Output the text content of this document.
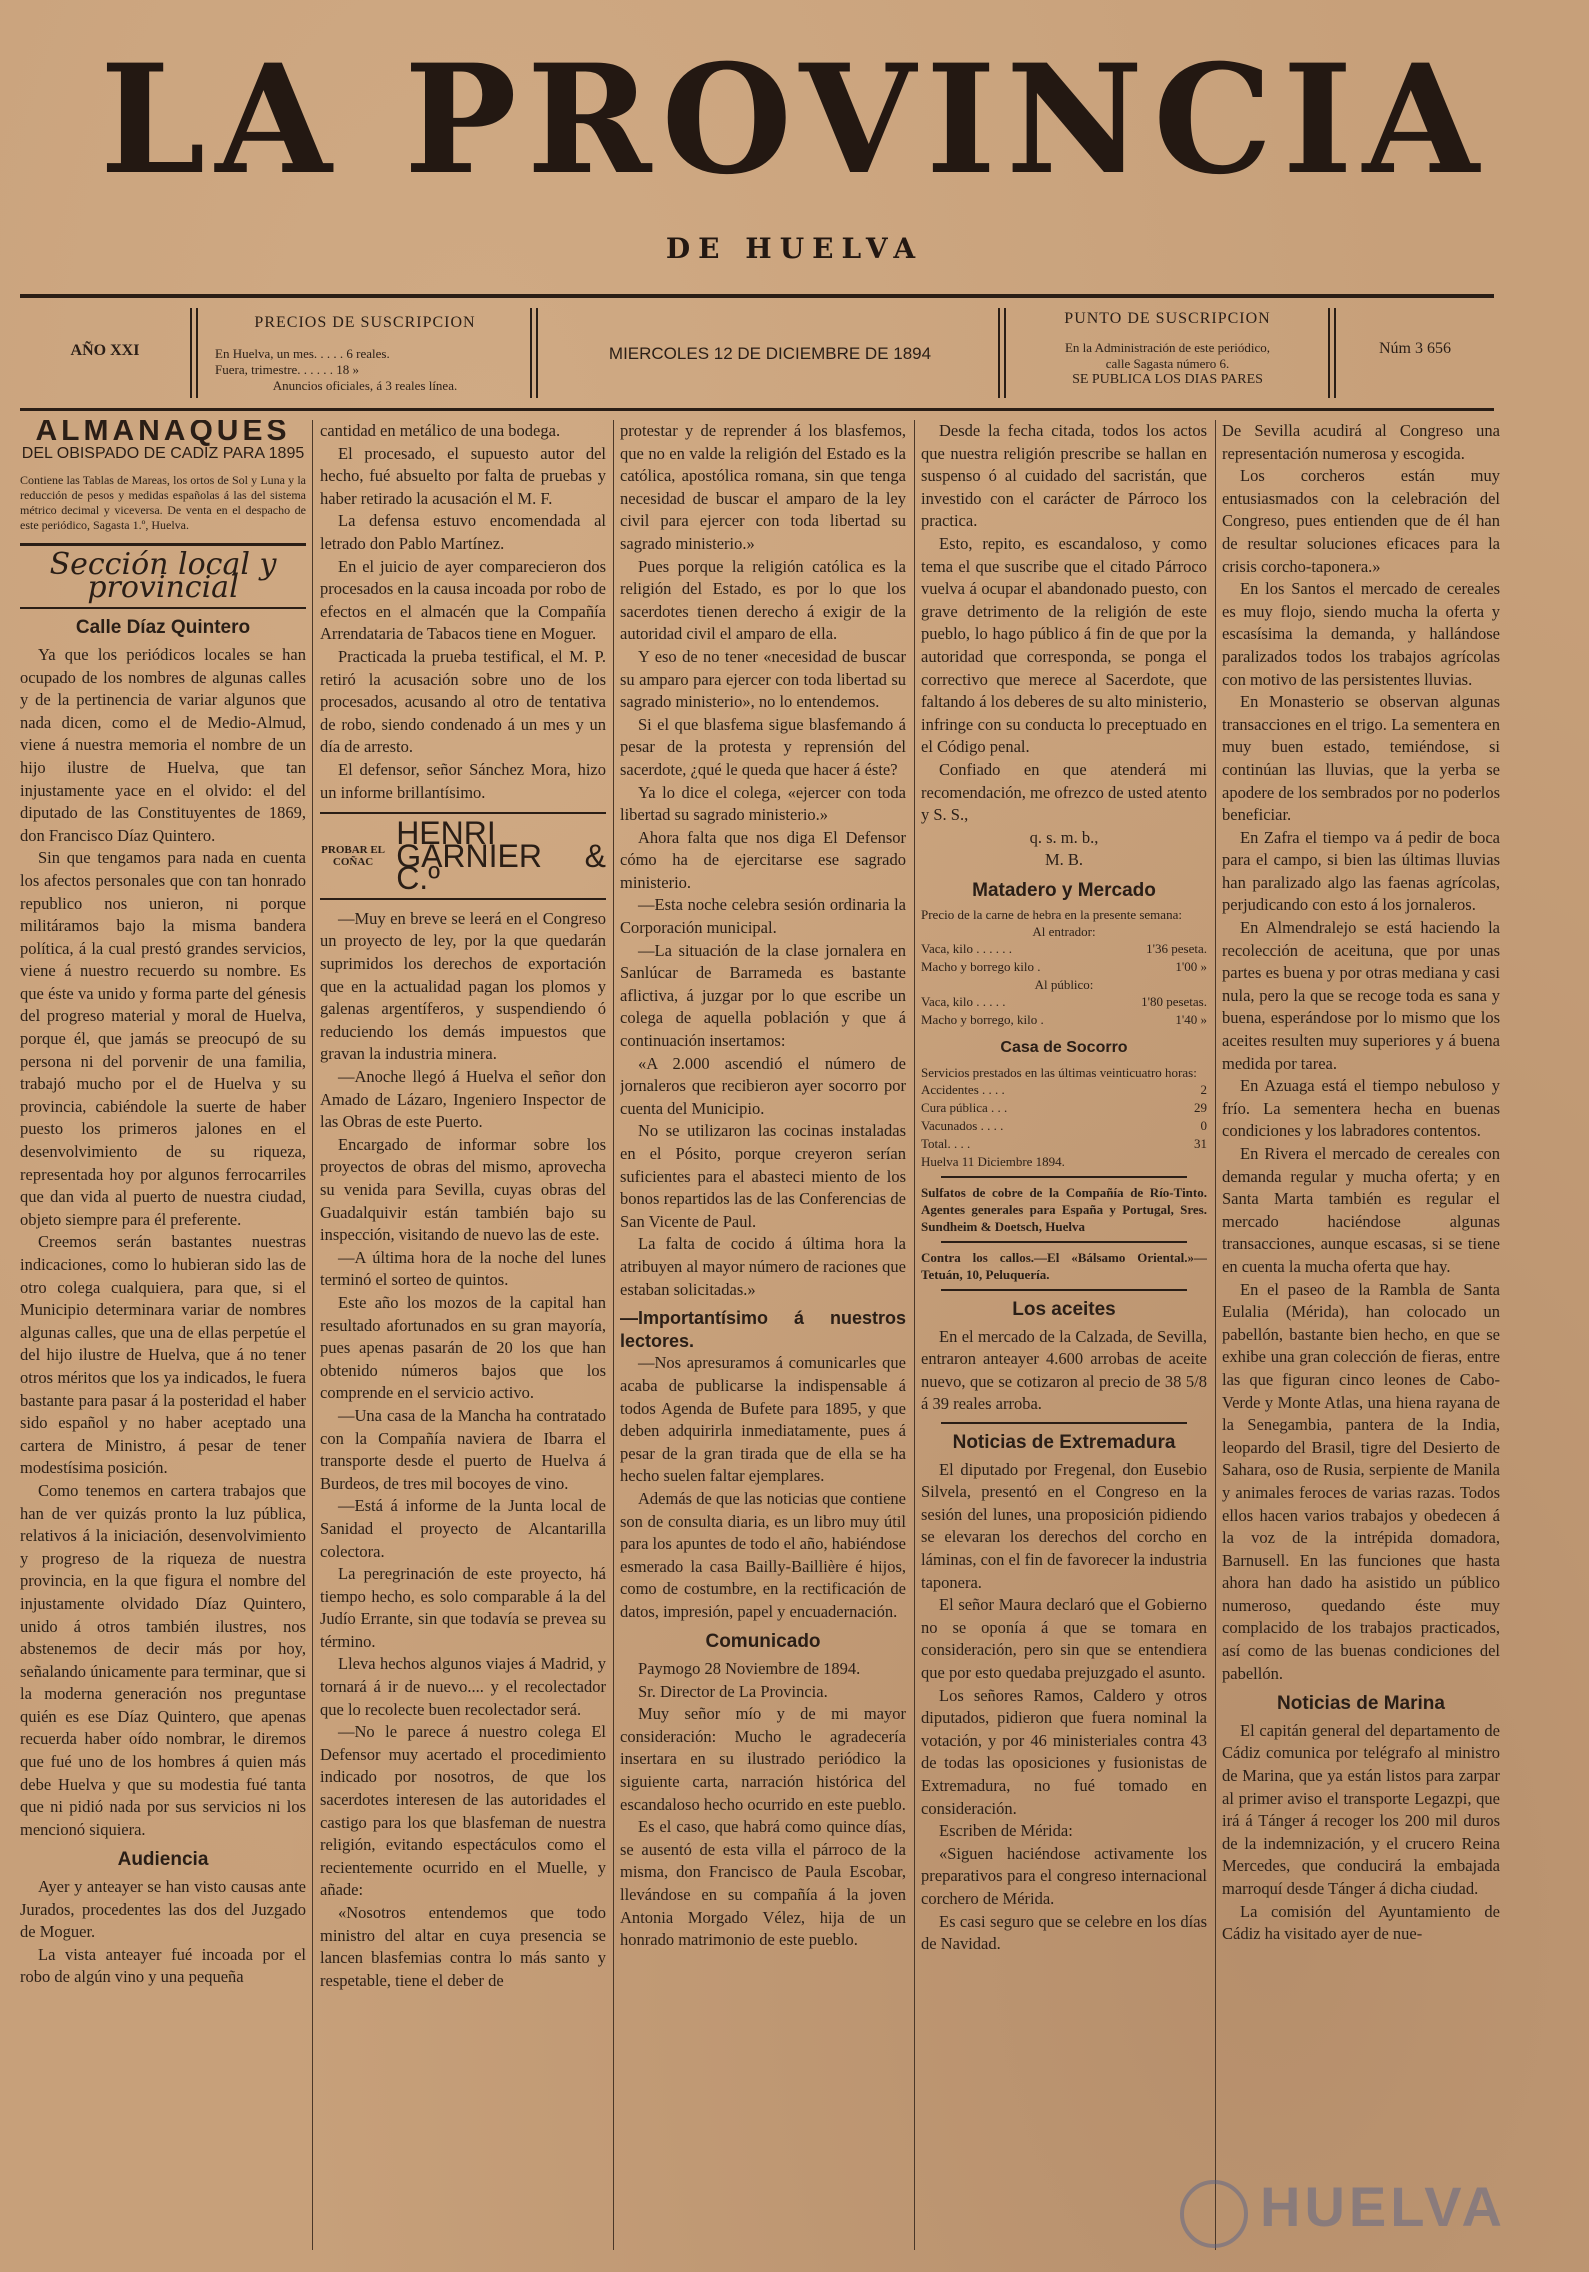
LA PROVINCIA
DE HUELVA
AÑO XXI
PRECIOS DE SUSCRIPCION
En Huelva, un mes. . . . . 6 reales.
Fuera, trimestre. . . . . . 18 »
Anuncios oficiales, á 3 reales línea.
MIERCOLES 12 DE DICIEMBRE DE 1894
PUNTO DE SUSCRIPCION
En la Administración de este periódico,
calle Sagasta número 6.
SE PUBLICA LOS DIAS PARES
Núm 3 656
ALMANAQUES
DEL OBISPADO DE CADIZ PARA 1895
Contiene las Tablas de Mareas, los ortos de Sol y Luna y la reducción de pesos y medidas españolas á las del sistema métrico decimal y viceversa. De venta en el despacho de este periódico, Sagasta 1.º, Huelva.
Sección local y provincial
Calle Díaz Quintero

Ya que los periódicos locales se han ocupado de los nombres de algunas calles y de la pertinencia de variar algunos que nada dicen, como el de Medio-Almud, viene á nuestra memoria el nombre de un hijo ilustre de Huelva, que tan injustamente yace en el olvido: el del diputado de las Constituyentes de 1869, don Francisco Díaz Quintero.

Sin que tengamos para nada en cuenta los afectos personales que con tan honrado republico nos unieron, ni porque militáramos bajo la misma bandera política, á la cual prestó grandes servicios, viene á nuestro recuerdo su nombre. Es que éste va unido y forma parte del génesis del progreso material y moral de Huelva, porque él, que jamás se preocupó de su persona ni del porvenir de una familia, trabajó mucho por el de Huelva y su provincia, cabiéndole la suerte de haber puesto los primeros jalones en el desenvolvimiento de su riqueza, representada hoy por algunos ferrocarriles que dan vida al puerto de nuestra ciudad, objeto siempre para él preferente.

Creemos serán bastantes nuestras indicaciones, como lo hubieran sido las de otro colega cualquiera, para que, si el Municipio determinara variar de nombres algunas calles, que una de ellas perpetúe el del hijo ilustre de Huelva, que á no tener otros méritos que los ya indicados, le fuera bastante para pasar á la posteridad el haber sido español y no haber aceptado una cartera de Ministro, á pesar de tener modestísima posición.

Como tenemos en cartera trabajos que han de ver quizás pronto la luz pública, relativos á la iniciación, desenvolvimiento y progreso de la riqueza de nuestra provincia, en la que figura el nombre del injustamente olvidado Díaz Quintero, unido á otros también ilustres, nos abstenemos de decir más por hoy, señalando únicamente para terminar, que si la moderna generación nos preguntase quién es ese Díaz Quintero, que apenas recuerda haber oído nombrar, le diremos que fué uno de los hombres á quien más debe Huelva y que su modestia fué tanta que ni pidió nada por sus servicios ni los mencionó siquiera.

Audiencia

Ayer y anteayer se han visto causas ante Jurados, procedentes las dos del Juzgado de Moguer.

La vista anteayer fué incoada por el robo de algún vino y una pequeña

cantidad en metálico de una bodega.

El procesado, el supuesto autor del hecho, fué absuelto por falta de pruebas y haber retirado la acusación el M. F.

La defensa estuvo encomendada al letrado don Pablo Martínez.

En el juicio de ayer comparecieron dos procesados en la causa incoada por robo de efectos en el almacén que la Compañía Arrendataria de Tabacos tiene en Moguer.

Practicada la prueba testifical, el M. P. retiró la acusación sobre uno de los procesados, acusando al otro de tentativa de robo, siendo condenado á un mes y un día de arresto.

El defensor, señor Sánchez Mora, hizo un informe brillantísimo.

PROBAR EL COÑAC
HENRI GARNIER & C.º

—Muy en breve se leerá en el Congreso un proyecto de ley, por la que quedarán suprimidos los derechos de exportación que en la actualidad pagan los plomos y galenas argentíferos, y suspendiendo ó reduciendo los demás impuestos que gravan la industria minera.

—Anoche llegó á Huelva el señor don Amado de Lázaro, Ingeniero Inspector de las Obras de este Puerto.

Encargado de informar sobre los proyectos de obras del mismo, aprovecha su venida para Sevilla, cuyas obras del Guadalquivir están también bajo su inspección, visitando de nuevo las de este.

—A última hora de la noche del lunes terminó el sorteo de quintos.

Este año los mozos de la capital han resultado afortunados en su gran mayoría, pues apenas pasarán de 20 los que han obtenido números bajos que los comprende en el servicio activo.

—Una casa de la Mancha ha contratado con la Compañía naviera de Ibarra el transporte desde el puerto de Huelva á Burdeos, de tres mil bocoyes de vino.

—Está á informe de la Junta local de Sanidad el proyecto de Alcantarilla colectora.

La peregrinación de este proyecto, há tiempo hecho, es solo comparable á la del Judío Errante, sin que todavía se prevea su término.

Lleva hechos algunos viajes á Madrid, y tornará á ir de nuevo.... y el recolectador que lo recolecte buen recolectador será.

—No le parece á nuestro colega El Defensor muy acertado el procedimiento indicado por nosotros, de que los sacerdotes interesen de las autoridades el castigo para los que blasfeman de nuestra religión, evitando espectáculos como el recientemente ocurrido en el Muelle, y añade:

«Nosotros entendemos que todo ministro del altar en cuya presencia se lancen blasfemias contra lo más santo y respetable, tiene el deber de

protestar y de reprender á los blasfemos, que no en valde la religión del Estado es la católica, apostólica romana, sin que tenga necesidad de buscar el amparo de la ley civil para ejercer con toda libertad su sagrado ministerio.»

Pues porque la religión católica es la religión del Estado, es por lo que los sacerdotes tienen derecho á exigir de la autoridad civil el amparo de ella.

Y eso de no tener «necesidad de buscar su amparo para ejercer con toda libertad su sagrado ministerio», no lo entendemos.

Si el que blasfema sigue blasfemando á pesar de la protesta y reprensión del sacerdote, ¿qué le queda que hacer á éste?

Ya lo dice el colega, «ejercer con toda libertad su sagrado ministerio.»

Ahora falta que nos diga El Defensor cómo ha de ejercitarse ese sagrado ministerio.

—Esta noche celebra sesión ordinaria la Corporación municipal.

—La situación de la clase jornalera en Sanlúcar de Barrameda es bastante aflictiva, á juzgar por lo que escribe un colega de aquella población y que á continuación insertamos:

«A 2.000 ascendió el número de jornaleros que recibieron ayer socorro por cuenta del Municipio.

No se utilizaron las cocinas instaladas en el Pósito, porque creyeron serían suficientes para el abasteci miento de los bonos repartidos las de las Conferencias de San Vicente de Paul.

La falta de cocido á última hora la atribuyen al mayor número de raciones que estaban solicitadas.»

—Importantísimo á nuestros lectores.

—Nos apresuramos á comunicarles que acaba de publicarse la indispensable á todos Agenda de Bufete para 1895, y que deben adquirirla inmediatamente, pues á pesar de la gran tirada que de ella se ha hecho suelen faltar ejemplares.

Además de que las noticias que contiene son de consulta diaria, es un libro muy útil para los apuntes de todo el año, habiéndose esmerado la casa Bailly-Baillière é hijos, como de costumbre, en la rectificación de datos, impresión, papel y encuadernación.

Comunicado

Paymogo 28 Noviembre de 1894.

Sr. Director de La Provincia.

Muy señor mío y de mi mayor consideración: Mucho le agradecería insertara en su ilustrado periódico la siguiente carta, narración histórica del escandaloso hecho ocurrido en este pueblo.

Es el caso, que habrá como quince días, se ausentó de esta villa el párroco de la misma, don Francisco de Paula Escobar, llevándose en su compañía á la joven Antonia Morgado Vélez, hija de un honrado matrimonio de este pueblo.

Desde la fecha citada, todos los actos que nuestra religión prescribe se hallan en suspenso ó al cuidado del sacristán, que investido con el carácter de Párroco los practica.

Esto, repito, es escandaloso, y como tema el que suscribe que el citado Párroco vuelva á ocupar el abandonado puesto, con grave detrimento de la religión de este pueblo, lo hago público á fin de que por la autoridad que corresponda, se ponga el correctivo que merece al Sacerdote, que faltando á los deberes de su alto ministerio, infringe con su conducta lo preceptuado en el Código penal.

Confiado en que atenderá mi recomendación, me ofrezco de usted atento y S. S.,

q. s. m. b.,

M. B.

Matadero y Mercado
Precio de la carne de hebra en la presente semana:
Al entrador:
Vaca, kilo . . . . . .	1'36 peseta.
Macho y borrego kilo .	1'00 »
Al público:
Vaca, kilo . . . . .	1'80 pesetas.
Macho y borrego, kilo .	1'40 »
Casa de Socorro
Servicios prestados en las últimas veinticuatro horas:
Accidentes . . . .	2
Cura pública . . .	29
Vacunados . . . .	0
Total. . . .	31
Huelva 11 Diciembre 1894.
Sulfatos de cobre de la Compañía de Río-Tinto. Agentes generales para España y Portugal, Sres. Sundheim & Doetsch, Huelva
Contra los callos.—El «Bálsamo Oriental.»—Tetuán, 10, Peluquería.
Los aceites

En el mercado de la Calzada, de Sevilla, entraron anteayer 4.600 arrobas de aceite nuevo, que se cotizaron al precio de 38 5/8 á 39 reales arroba.

Noticias de Extremadura

El diputado por Fregenal, don Eusebio Silvela, presentó en el Congreso en la sesión del lunes, una proposición pidiendo se elevaran los derechos del corcho en láminas, con el fin de favorecer la industria taponera.

El señor Maura declaró que el Gobierno no se oponía á que se tomara en consideración, pero sin que se entendiera que por esto quedaba prejuzgado el asunto.

Los señores Ramos, Caldero y otros diputados, pidieron que fuera nominal la votación, y por 46 ministeriales contra 43 de todas las oposiciones y fusionistas de Extremadura, no fué tomado en consideración.

Escriben de Mérida:

«Siguen haciéndose activamente los preparativos para el congreso internacional corchero de Mérida.

Es casi seguro que se celebre en los días de Navidad.

De Sevilla acudirá al Congreso una representación numerosa y escogida.

Los corcheros están muy entusiasmados con la celebración del Congreso, pues entienden que de él han de resultar soluciones eficaces para la crisis corcho-taponera.»

En los Santos el mercado de cereales es muy flojo, siendo mucha la oferta y escasísima la demanda, y hallándose paralizados todos los trabajos agrícolas con motivo de las persistentes lluvias.

En Monasterio se observan algunas transacciones en el trigo. La sementera en muy buen estado, temiéndose, si continúan las lluvias, que la yerba se apodere de los sembrados por no poderlos beneficiar.

En Zafra el tiempo va á pedir de boca para el campo, si bien las últimas lluvias han paralizado algo las faenas agrícolas, perjudicando con esto á los jornaleros.

En Almendralejo se está haciendo la recolección de aceituna, que por unas partes es buena y por otras mediana y casi nula, pero la que se recoge toda es sana y buena, esperándose por lo mismo que los aceites resulten muy superiores y á buena medida por tarea.

En Azuaga está el tiempo nebuloso y frío. La sementera hecha en buenas condiciones y los labradores contentos.

En Rivera el mercado de cereales con demanda regular y mucha oferta; y en Santa Marta también es regular el mercado haciéndose algunas transacciones, aunque escasas, si se tiene en cuenta la mucha oferta que hay.

En el paseo de la Rambla de Santa Eulalia (Mérida), han colocado un pabellón, bastante bien hecho, en que se exhibe una gran colección de fieras, entre las que figuran cinco leones de Cabo-Verde y Monte Atlas, una hiena rayana de la Senegambia, pantera de la India, leopardo del Brasil, tigre del Desierto de Sahara, oso de Rusia, serpiente de Manila y animales feroces de varias razas. Todos ellos hacen varios trabajos y obedecen á la voz de la intrépida domadora, Barnusell. En las funciones que hasta ahora han dado ha asistido un público numeroso, quedando éste muy complacido de los trabajos practicados, así como de las buenas condiciones del pabellón.

Noticias de Marina

El capitán general del departamento de Cádiz comunica por telégrafo al ministro de Marina, que ya están listos para zarpar al primer aviso el transporte Legazpi, que irá á Tánger á recoger los 200 mil duros de la indemnización, y el crucero Reina Mercedes, que conducirá la embajada marroquí desde Tánger á dicha ciudad.

La comisión del Ayuntamiento de Cádiz ha visitado ayer de nue-

HUELVA
